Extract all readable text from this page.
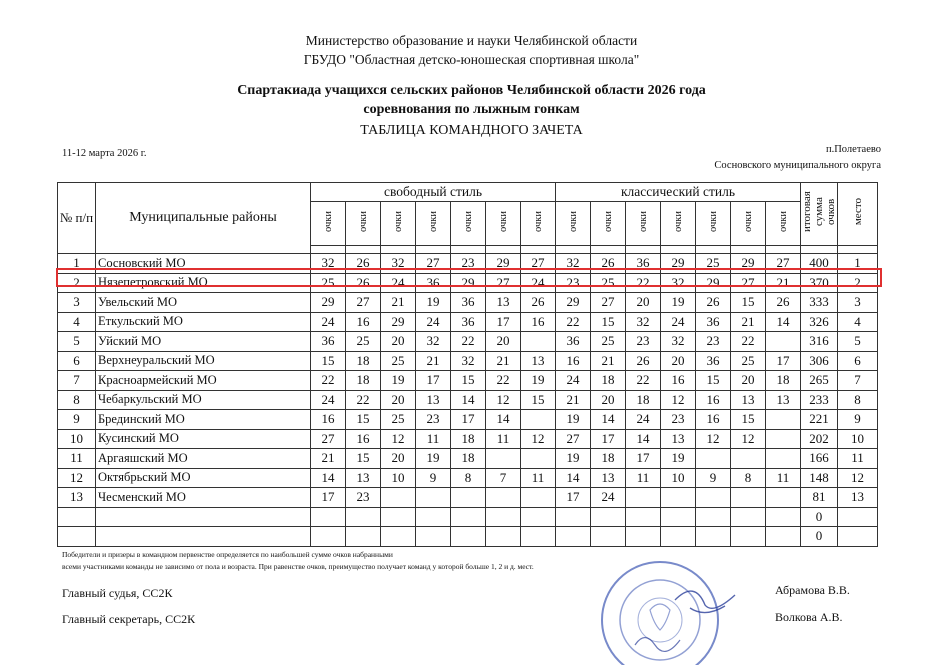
Министерство образование и науки Челябинской области
ГБУДО "Областная детско-юношеская спортивная школа"
Спартакиада учащихся сельских районов Челябинской области 2026 года
соревнования по лыжным гонкам
ТАБЛИЦА КОМАНДНОГО ЗАЧЕТА
11-12 марта 2026 г.	п.Полетаево
Сосновского муниципального округа
№ п/п	Муниципальные районы	свободный стиль							классический стиль							итоговая сумма очков	место
		очки	очки	очки	очки	очки	очки	очки	очки	очки	очки	очки	очки	очки	очки		

1	Сосновский МО	32	26	32	27	23	29	27	32	26	36	29	25	29	27	400	1
2	Нязепетровский МО	25	26	24	36	29	27	24	23	25	22	32	29	27	21	370	2
3	Увельский МО	29	27	21	19	36	13	26	29	27	20	19	26	15	26	333	3
4	Еткульский МО	24	16	29	24	36	17	16	22	15	32	24	36	21	14	326	4
5	Уйский МО	36	25	20	32	22	20		36	25	23	32	23	22		316	5
6	Верхнеуральский МО	15	18	25	21	32	21	13	16	21	26	20	36	25	17	306	6
7	Красноармейский МО	22	18	19	17	15	22	19	24	18	22	16	15	20	18	265	7
8	Чебаркульский МО	24	22	20	13	14	12	15	21	20	18	12	16	13	13	233	8
9	Брединский МО	16	15	25	23	17	14		19	14	24	23	16	15		221	9
10	Кусинский МО	27	16	12	11	18	11	12	27	17	14	13	12	12		202	10
11	Аргаяшский МО	21	15	20	19	18			19	18	17	19				166	11
12	Октябрьский МО	14	13	10	9	8	7	11	14	13	11	10	9	8	11	148	12
13	Чесменский МО	17	23						17	24						81	13
																0	
																0	
Победители и призеры в командном первенстве определяется по наибольшей сумме очков набранными
всеми участниками команды не зависимо от пола и возраста. При равенстве очков, преимущество получает команд у которой больше 1, 2 и д. мест.
Главный судья, СС2К	Абрамова В.В.
Главный секретарь, СС2К	Волкова А.В.
